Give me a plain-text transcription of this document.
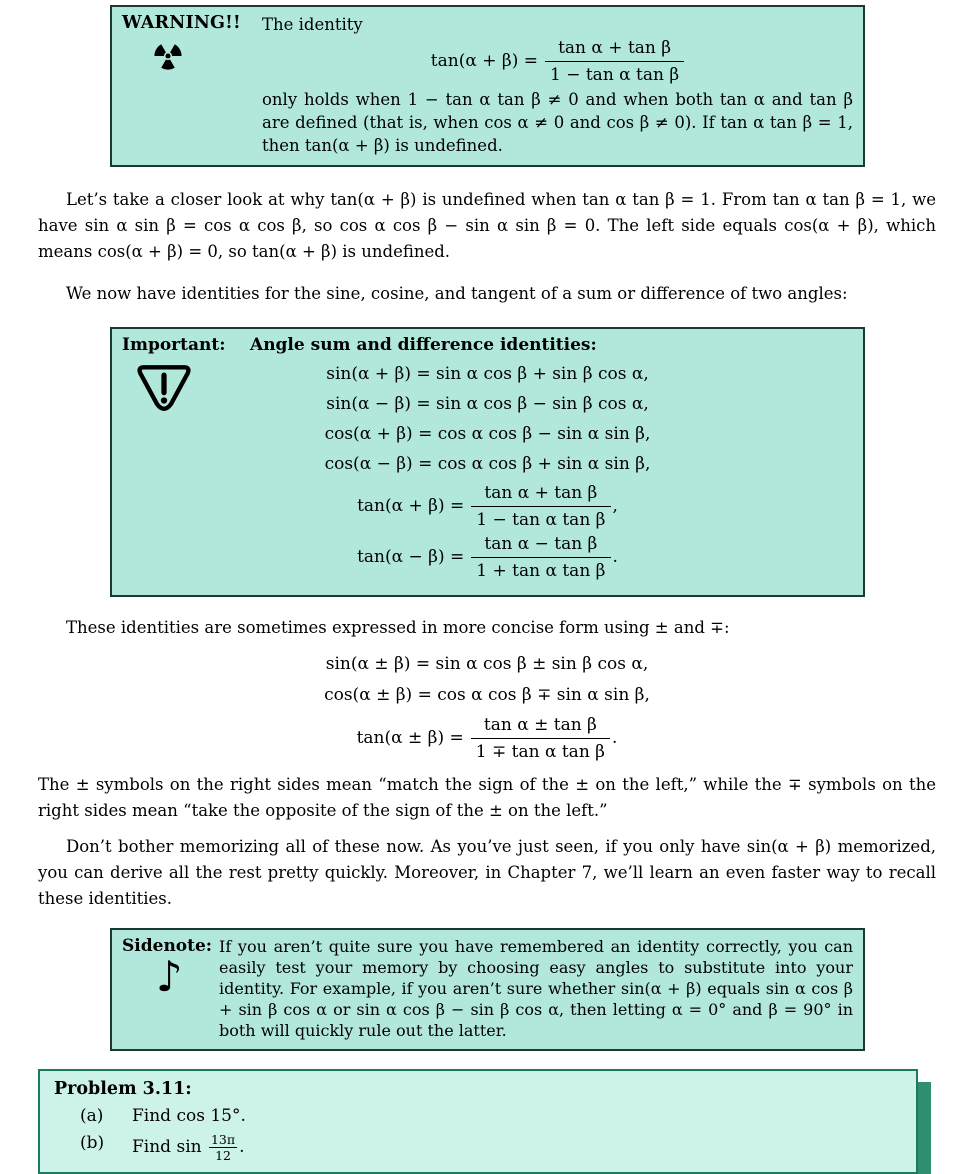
WARNING!!	The identity
$\tan(\alpha + \beta) = \frac{\text{tan α + tan β}}{\text{1 − tan α tan β}}$
only holds when 1 − tan α tan β ≠ 0 and when both tan α and tan β are defined (that is, when cos α ≠ 0 and cos β ≠ 0). If tan α tan β = 1, then tan(α + β) is undefined.

Let’s take a closer look at why tan(α + β) is undefined when tan α tan β = 1. From tan α tan β = 1, we have sin α sin β = cos α cos β, so cos α cos β − sin α sin β = 0. The left side equals cos(α + β), which means cos(α + β) = 0, so tan(α + β) is undefined.

We now have identities for the sine, cosine, and tangent of a sum or difference of two angles:

Important:	Angle sum and difference identities:
sin(α + β) = sin α cos β + sin β cos α,
sin(α − β) = sin α cos β − sin β cos α,
cos(α + β) = cos α cos β − sin α sin β,
cos(α − β) = cos α cos β + sin α sin β,
$\tan(\alpha + \beta) = \frac{\text{tan α + tan β}}{\text{1 − tan α tan β}}$ ,
$\tan(\alpha - \beta) = \frac{\text{tan α − tan β}}{\text{1 + tan α tan β}}$ .

These identities are sometimes expressed in more concise form using ± and ∓:

sin(α ± β) = sin α cos β ± sin β cos α,
cos(α ± β) = cos α cos β ∓ sin α sin β,
$\tan(\alpha \pm \beta) = \frac{\text{tan α ± tan β}}{\text{1 ∓ tan α tan β}}$ .

The ± symbols on the right sides mean “match the sign of the ± on the left,” while the ∓ symbols on the right sides mean “take the opposite of the sign of the ± on the left.”

Don’t bother memorizing all of these now. As you’ve just seen, if you only have sin(α + β) memorized, you can derive all the rest pretty quickly. Moreover, in Chapter 7, we’ll learn an even faster way to recall these identities.

♪
Sidenote: If you aren’t quite sure you have remembered an identity correctly, you can easily test your memory by choosing easy angles to substitute into your identity. For example, if you aren’t sure whether sin(α + β) equals sin α cos β + sin β cos α or sin α cos β − sin β cos α, then letting α = 0° and β = 90° in both will quickly rule out the latter.
Problem 3.11:
(a)	Find cos 15°.
(b)	Find $\sin \frac{13\pi}{12}$ .
